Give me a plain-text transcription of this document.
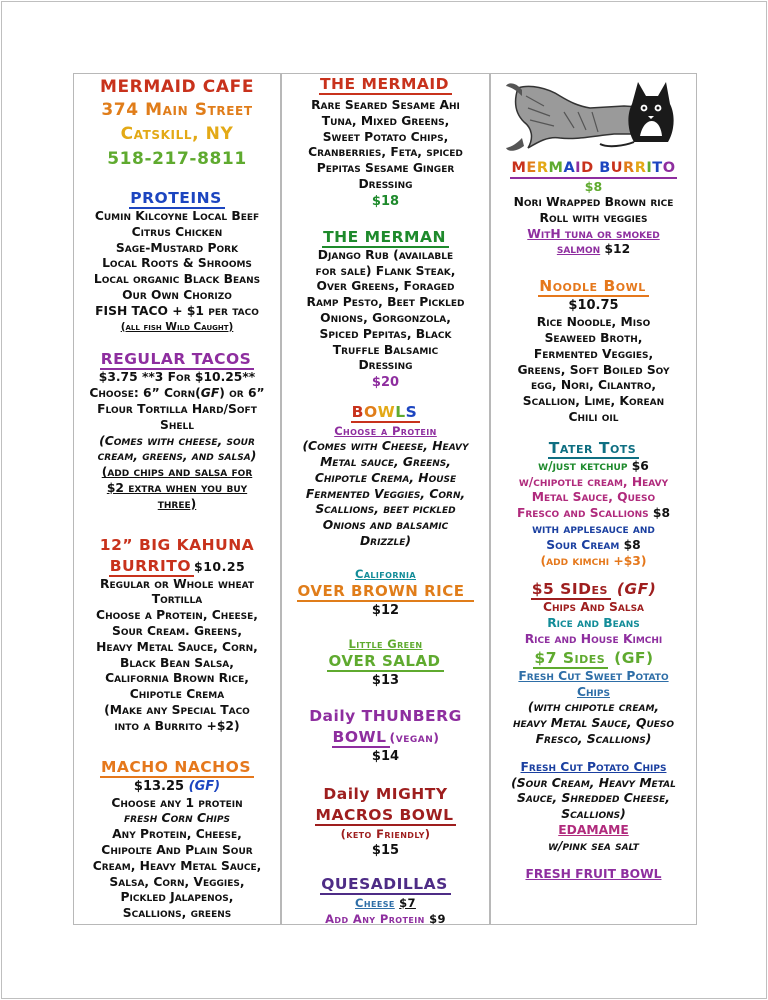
MERMAID CAFE
374 Main Street
Catskill, NY
518-217-8811
PROTEINS
Cumin Kilcoyne Local Beef
Citrus Chicken
Sage-Mustard Pork
Local Roots & Shrooms
Local organic Black Beans
Our Own Chorizo
FISH TACO + $1 per taco
(all fish Wild Caught)
REGULAR TACOS
$3.75 **3 For $10.25**
Choose: 6” Corn(GF) or 6”
Flour Tortilla Hard/Soft
Shell
(Comes with cheese, sour
cream, greens, and salsa)
(add chips and salsa for
$2 extra when you buy
three)
12” BIG KAHUNA
BURRITO $10.25
Regular or Whole wheat
Tortilla
Choose a Protein, Cheese,
Sour Cream. Greens,
Heavy Metal Sauce, Corn,
Black Bean Salsa,
California Brown Rice,
Chipotle Crema
(Make any Special Taco
into a Burrito +$2)
MACHO NACHOS
$13.25 (GF)
Choose any 1 protein
fresh Corn Chips
Any Protein, Cheese,
Chipolte And Plain Sour
Cream, Heavy Metal Sauce,
Salsa, Corn, Veggies,
Pickled Jalapenos,
Scallions, greens
THE MERMAID
Rare Seared Sesame Ahi
Tuna, Mixed Greens,
Sweet Potato Chips,
Cranberries, Feta, spiced
Pepitas Sesame Ginger
Dressing
$18
THE MERMAN
Django Rub (available
for sale) Flank Steak,
Over Greens, Foraged
Ramp Pesto, Beet Pickled
Onions, Gorgonzola,
Spiced Pepitas, Black
Truffle Balsamic
Dressing
$20
BOWLS
Choose a Protein
(Comes with Cheese, Heavy
Metal sauce, Greens,
Chipotle Crema, House
Fermented Veggies, Corn,
Scallions, beet pickled
Onions and balsamic
Drizzle)
California
OVER BROWN RICE
$12
Little Green
OVER SALAD
$13
Daily THUNBERG
BOWL (vegan)
$14
Daily MIGHTY
MACROS BOWL
(keto Friendly)
$15
QUESADILLAS
Cheese $7
Add Any Protein $9
MERMAID BURRITO
$8
Nori Wrapped Brown rice
Roll with veggies
WitH tuna or smoked
salmon $12
Noodle Bowl
$10.75
Rice Noodle, Miso
Seaweed Broth,
Fermented Veggies,
Greens, Soft Boiled Soy
egg, Nori, Cilantro,
Scallion, Lime, Korean
Chili oil
Tater Tots
w/just ketchup $6
w/chipotle cream, Heavy
Metal Sauce, Queso
Fresco and Scallions $8
with applesauce and
Sour Cream $8
(add kimchi +$3)
$5 SIDes (GF)
Chips And Salsa
Rice and Beans
Rice and House Kimchi
$7 Sides (GF)
Fresh Cut Sweet Potato
Chips
(with chipotle cream,
heavy Metal Sauce, Queso
Fresco, Scallions)
Fresh Cut Potato Chips
(Sour Cream, Heavy Metal
Sauce, Shredded Cheese,
Scallions)
EDAMAME
w/pink sea salt
FRESH FRUIT BOWL
